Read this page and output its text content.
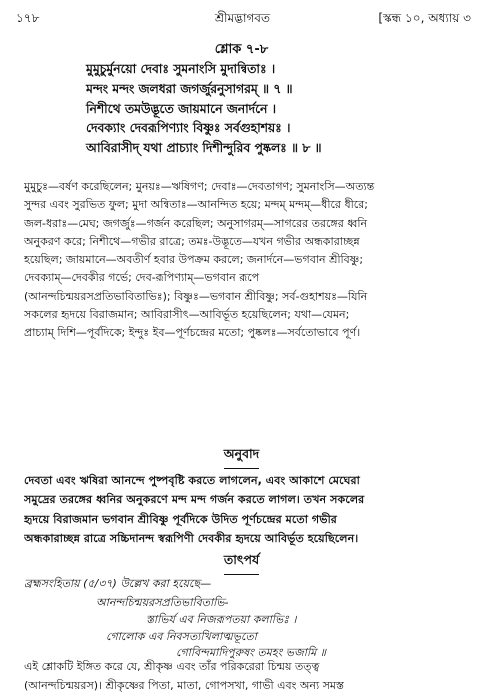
১৭৮	শ্রীমদ্ভাগবত	[স্কন্ধ ১০, অধ্যায় ৩
শ্লোক ৭-৮
মুমুচুর্মুনয়ো দেবাঃ সুমনাংসি মুদান্বিতাঃ ।
মন্দং মন্দং জলধরা জগর্জুরনুসাগরম্ ॥ ৭ ॥
নিশীথে তমউদ্ভূতে জায়মানে জনার্দনে ।
দেবক্যাং দেবরূপিণ্যাং বিষ্ণুঃ সর্বগুহাশয়ঃ ।
আবিরাসীদ্ যথা প্রাচ্যাং দিশীন্দুরিব পুষ্কলঃ ॥ ৮ ॥
মুমুচুঃ—বর্ষণ করেছিলেন; মুনয়ঃ—ঋষিগণ; দেবাঃ—দেবতাগণ; সুমনাংসি—অত্যন্ত
সুন্দর এবং সুরভিত ফুল; মুদা অন্বিতাঃ—আনন্দিত হয়ে; মন্দম্ মন্দম্—ধীরে ধীরে;
জল-ধরাঃ—মেঘ; জগর্জুঃ—গর্জন করেছিল; অনুসাগরম্—সাগরের তরঙ্গের ধ্বনি
অনুকরণ করে; নিশীথে—গভীর রাত্রে; তমঃ-উদ্ভূতে—যখন গভীর অন্ধকারাচ্ছন্ন
হয়েছিল; জায়মানে—অবতীর্ণ হবার উপক্রম করলে; জনার্দনে—ভগবান শ্রীবিষ্ণু;
দেবক্যাম্—দেবকীর গর্ভে; দেব-রূপিণ্যাম্—ভগবান রূপে
(আনন্দচিন্ময়রসপ্রতিভাবিতাভিঃ); বিষ্ণুঃ—ভগবান শ্রীবিষ্ণু; সর্ব-গুহাশয়ঃ—যিনি
সকলের হৃদয়ে বিরাজমান; আবিরাসীৎ—আবির্ভূত হয়েছিলেন; যথা—যেমন;
প্রাচ্যাম্ দিশি—পূর্বদিকে; ইন্দুঃ ইব—পূর্ণচন্দ্রের মতো; পুষ্কলঃ—সর্বতোভাবে পূর্ণ।
অনুবাদ
দেবতা এবং ঋষিরা আনন্দে পুষ্পবৃষ্টি করতে লাগলেন, এবং আকাশে মেঘেরা
সমুদ্রের তরঙ্গের ধ্বনির অনুকরণে মন্দ মন্দ গর্জন করতে লাগল। তখন সকলের
হৃদয়ে বিরাজমান ভগবান শ্রীবিষ্ণু পূর্বদিকে উদিত পূর্ণচন্দ্রের মতো গভীর
অন্ধকারাচ্ছন্ন রাত্রে সচ্চিদানন্দ স্বরূপিণী দেবকীর হৃদয়ে আবির্ভূত হয়েছিলেন।
তাৎপর্য
ব্রহ্মসংহিতায় (৫/৩৭) উল্লেখ করা হয়েছে—
আনন্দচিন্ময়রসপ্রতিভাবিতাভি-
স্তাভির্য এব নিজরূপতয়া কলাভিঃ ।
গোলোক এব নিবসত্যখিলাত্মভূতো
গোবিন্দমাদিপুরুষং তমহং ভজামি ॥
এই শ্লোকটি ইঙ্গিত করে যে, শ্রীকৃষ্ণ এবং তাঁর পরিকরেরা চিন্ময় তত্ত্ব
(আনন্দচিন্ময়রস)। শ্রীকৃষ্ণের পিতা, মাতা, গোপসখা, গাভী এবং অন্য সমস্ত
